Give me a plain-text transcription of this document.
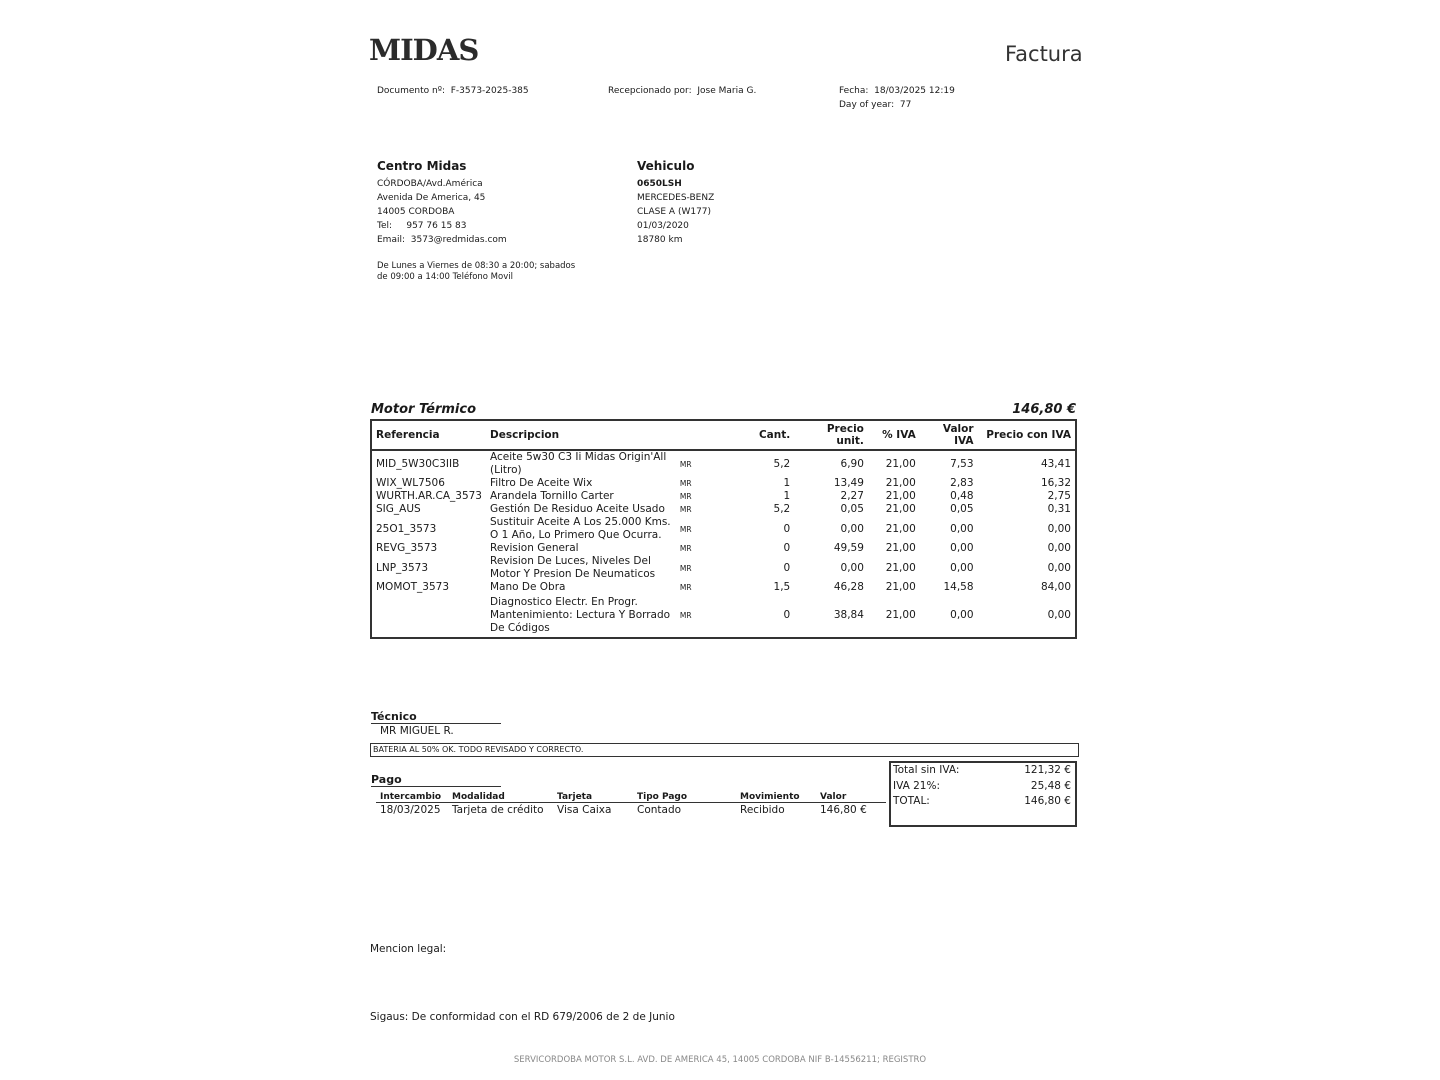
MIDAS	Factura
Documento nº: F-3573-2025-385	Recepcionado por: Jose Maria G.	Fecha: 18/03/2025 12:19
Day of year: 77
Centro Midas
CÓRDOBA/Avd.América
Avenida De America, 45
14005 CORDOBA
Tel: 957 76 15 83
Email: 3573@redmidas.com
De Lunes a Viernes de 08:30 a 20:00; sabados
de 09:00 a 14:00 Teléfono Movil
Vehiculo
0650LSH
MERCEDES-BENZ
CLASE A (W177)
01/03/2020
18780 km
Motor Térmico	146,80 €
Referencia	Descripcion		Cant.	Precio unit.	% IVA	Valor IVA	Precio con IVA
MID_5W30C3IIB	Aceite 5w30 C3 Ii Midas Origin'All (Litro)	MR	5,2	6,90	21,00	7,53	43,41
WIX_WL7506	Filtro De Aceite Wix	MR	1	13,49	21,00	2,83	16,32
WURTH.AR.CA_3573	Arandela Tornillo Carter	MR	1	2,27	21,00	0,48	2,75
SIG_AUS	Gestión De Residuo Aceite Usado	MR	5,2	0,05	21,00	0,05	0,31
25O1_3573	Sustituir Aceite A Los 25.000 Kms. O 1 Año, Lo Primero Que Ocurra.	MR	0	0,00	21,00	0,00	0,00
REVG_3573	Revision General	MR	0	49,59	21,00	0,00	0,00
LNP_3573	Revision De Luces, Niveles Del Motor Y Presion De Neumaticos	MR	0	0,00	21,00	0,00	0,00
MOMOT_3573	Mano De Obra	MR	1,5	46,28	21,00	14,58	84,00
	Diagnostico Electr. En Progr. Mantenimiento: Lectura Y Borrado De Códigos	MR	0	38,84	21,00	0,00	0,00
Técnico
MR MIGUEL R.
BATERIA AL 50% OK. TODO REVISADO Y CORRECTO.
Pago
Intercambio	Modalidad	Tarjeta	Tipo Pago	Movimiento	Valor
18/03/2025	Tarjeta de crédito	Visa Caixa	Contado	Recibido	146,80 €
Total sin IVA:	121,32 €
IVA 21%:	25,48 €
TOTAL:	146,80 €
Mencion legal:
Sigaus: De conformidad con el RD 679/2006 de 2 de Junio
SERVICORDOBA MOTOR S.L. AVD. DE AMERICA 45, 14005 CORDOBA NIF B-14556211; REGISTRO
